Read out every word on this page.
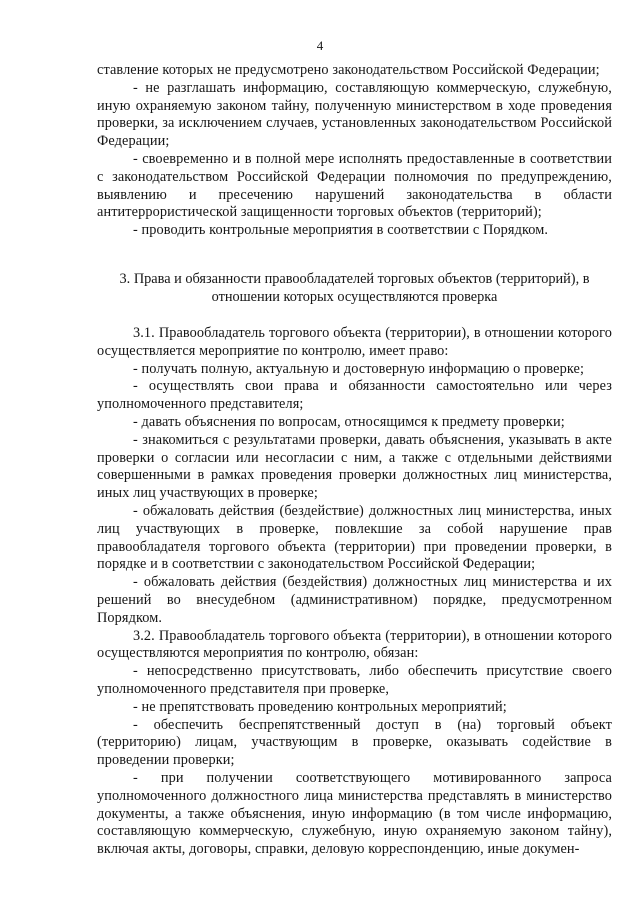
4

ставление которых не предусмотрено законодательством Российской Федерации;

- не разглашать информацию, составляющую коммерческую, служебную, иную охраняемую законом тайну, полученную министерством в ходе проведения проверки, за исключением случаев, установленных законодательством Российской Федерации;

- своевременно и в полной мере исполнять предоставленные в соответствии с законодательством Российской Федерации полномочия по предупреждению, выявлению и пресечению нарушений законодательства в области антитеррористической защищенности торговых объектов (территорий);

- проводить контрольные мероприятия в соответствии с Порядком.

3. Права и обязанности правообладателей торговых объектов (территорий), в
отношении которых осуществляются проверка

3.1. Правообладатель торгового объекта (территории), в отношении которого осуществляется мероприятие по контролю, имеет право:

- получать полную, актуальную и достоверную информацию о проверке;

- осуществлять свои права и обязанности самостоятельно или через уполномоченного представителя;

- давать объяснения по вопросам, относящимся к предмету проверки;

- знакомиться с результатами проверки, давать объяснения, указывать в акте проверки о согласии или несогласии с ним, а также с отдельными действиями совершенными в рамках проведения проверки должностных лиц министерства, иных лиц участвующих в проверке;

- обжаловать действия (бездействие) должностных лиц министерства, иных лиц участвующих в проверке, повлекшие за собой нарушение прав правообладателя торгового объекта (территории) при проведении проверки, в порядке и в соответствии с законодательством Российской Федерации;

- обжаловать действия (бездействия) должностных лиц министерства и их решений во внесудебном (административном) порядке, предусмотренном Порядком.

3.2. Правообладатель торгового объекта (территории), в отношении которого осуществляются мероприятия по контролю, обязан:

- непосредственно присутствовать, либо обеспечить присутствие своего уполномоченного представителя при проверке,

- не препятствовать проведению контрольных мероприятий;

- обеспечить беспрепятственный доступ в (на) торговый объект (территорию) лицам, участвующим в проверке, оказывать содействие в проведении проверки;

- при получении соответствующего мотивированного запроса уполномоченного должностного лица министерства представлять в министерство документы, а также объяснения, иную информацию (в том числе информацию, составляющую коммерческую, служебную, иную охраняемую законом тайну), включая акты, договоры, справки, деловую корреспонденцию, иные докумен-
